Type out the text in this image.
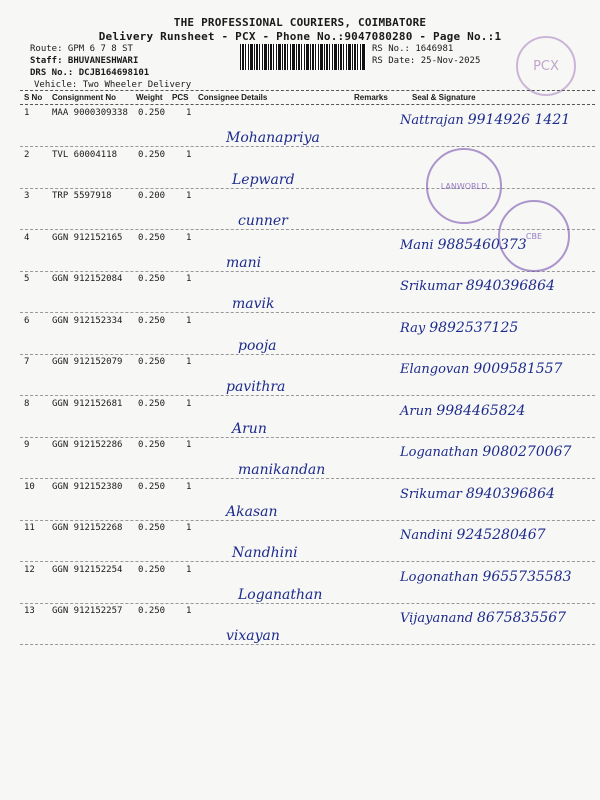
THE PROFESSIONAL COURIERS, COIMBATORE
Delivery Runsheet - PCX - Phone No.:9047080280 - Page No.:1
Route: GPM 6 7 8 ST
Staff: BHUVANESHWARI
DRS No.: DCJB164698101
Vehicle: Two Wheeler Delivery
RS No.: 1646981
RS Date: 25-Nov-2025	PCX
S No Consignment No	Weight PCS Consignee Details	Remarks	Seal & Signature
1	MAA 9000309338 0.250 1
Mohanapriya
Nattrajan 9914926 1421
2	TVL 60004118 0.250 1
Lepward
3	TRP 5597918	0.200 1
cunner
4	GGN 912152165 0.250 1
mani
Mani 9885460373
5	GGN 912152084 0.250 1
mavik
Srikumar 8940396864
6	GGN 912152334 0.250 1
pooja
Ray 9892537125
7	GGN 912152079 0.250 1
pavithra
Elangovan 9009581557
8	GGN 912152681 0.250 1
Arun
Arun 9984465824
9	GGN 912152286 0.250 1
manikandan
Loganathan 9080270067
10 GGN 912152380 0.250 1
Akasan
Srikumar 8940396864
11 GGN 912152268 0.250 1
Nandhini
Nandini 9245280467
12 GGN 912152254 0.250 1
Loganathan
Logonathan 9655735583
13 GGN 912152257 0.250 1
vixayan
Vijayanand 8675835567
LANWORLD
CBE
